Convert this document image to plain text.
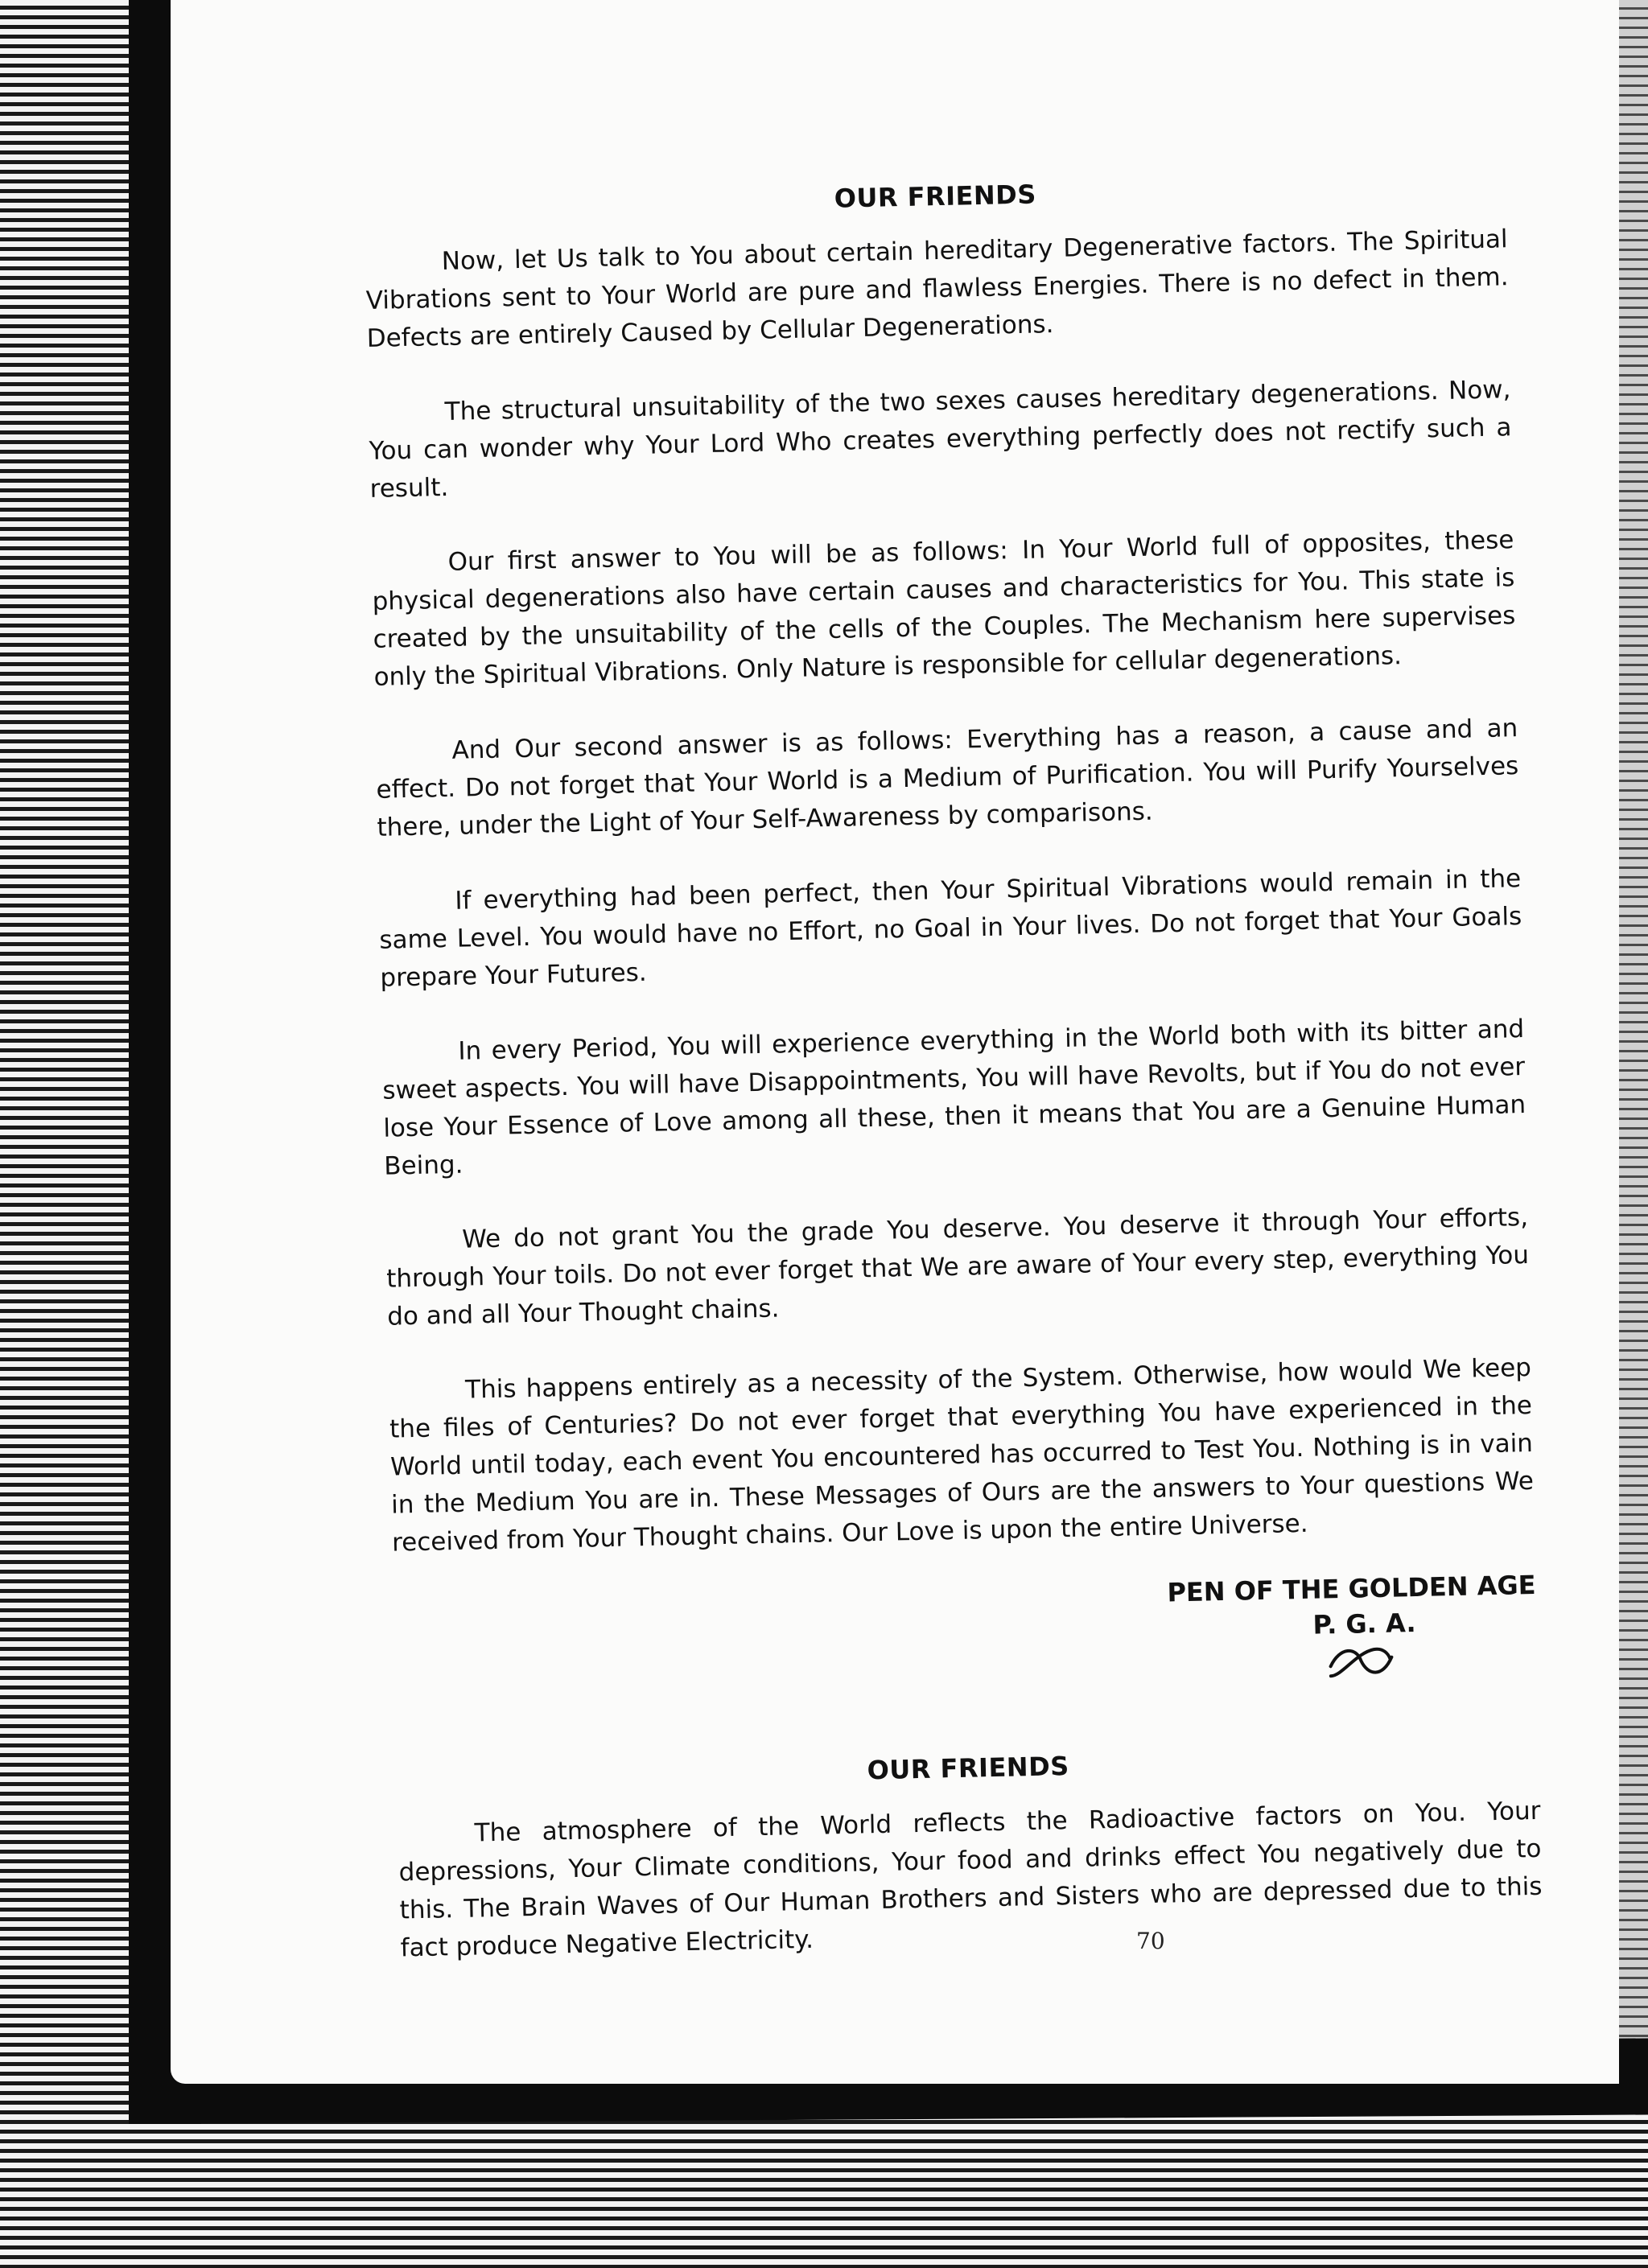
OUR FRIENDS

Now, let Us talk to You about certain hereditary Degenerative factors. The Spiritual Vibrations sent to Your World are pure and flawless Energies. There is no defect in them. Defects are entirely Caused by Cellular Degenerations.

The structural unsuitability of the two sexes causes hereditary degenerations. Now, You can wonder why Your Lord Who creates everything perfectly does not rectify such a result.

Our first answer to You will be as follows: In Your World full of opposites, these physical degenerations also have certain causes and characteristics for You. This state is created by the unsuitability of the cells of the Couples. The Mechanism here supervises only the Spiritual Vibrations. Only Nature is responsible for cellular degenerations.

And Our second answer is as follows: Everything has a reason, a cause and an effect. Do not forget that Your World is a Medium of Purification. You will Purify Yourselves there, under the Light of Your Self-Awareness by comparisons.

If everything had been perfect, then Your Spiritual Vibrations would remain in the same Level. You would have no Effort, no Goal in Your lives. Do not forget that Your Goals prepare Your Futures.

In every Period, You will experience everything in the World both with its bitter and sweet aspects. You will have Disappointments, You will have Revolts, but if You do not ever lose Your Essence of Love among all these, then it means that You are a Genuine Human Being.

We do not grant You the grade You deserve. You deserve it through Your efforts, through Your toils. Do not ever forget that We are aware of Your every step, everything You do and all Your Thought chains.

This happens entirely as a necessity of the System. Otherwise, how would We keep the files of Centuries? Do not ever forget that everything You have experienced in the World until today, each event You encountered has occurred to Test You. Nothing is in vain in the Medium You are in. These Messages of Ours are the answers to Your questions We received from Your Thought chains. Our Love is upon the entire Universe.

PEN OF THE GOLDEN AGE
P. G. A.
OUR FRIENDS

The atmosphere of the World reflects the Radioactive factors on You. Your depressions, Your Climate conditions, Your food and drinks effect You negatively due to this. The Brain Waves of Our Human Brothers and Sisters who are depressed due to this fact produce Negative Electricity.	70
